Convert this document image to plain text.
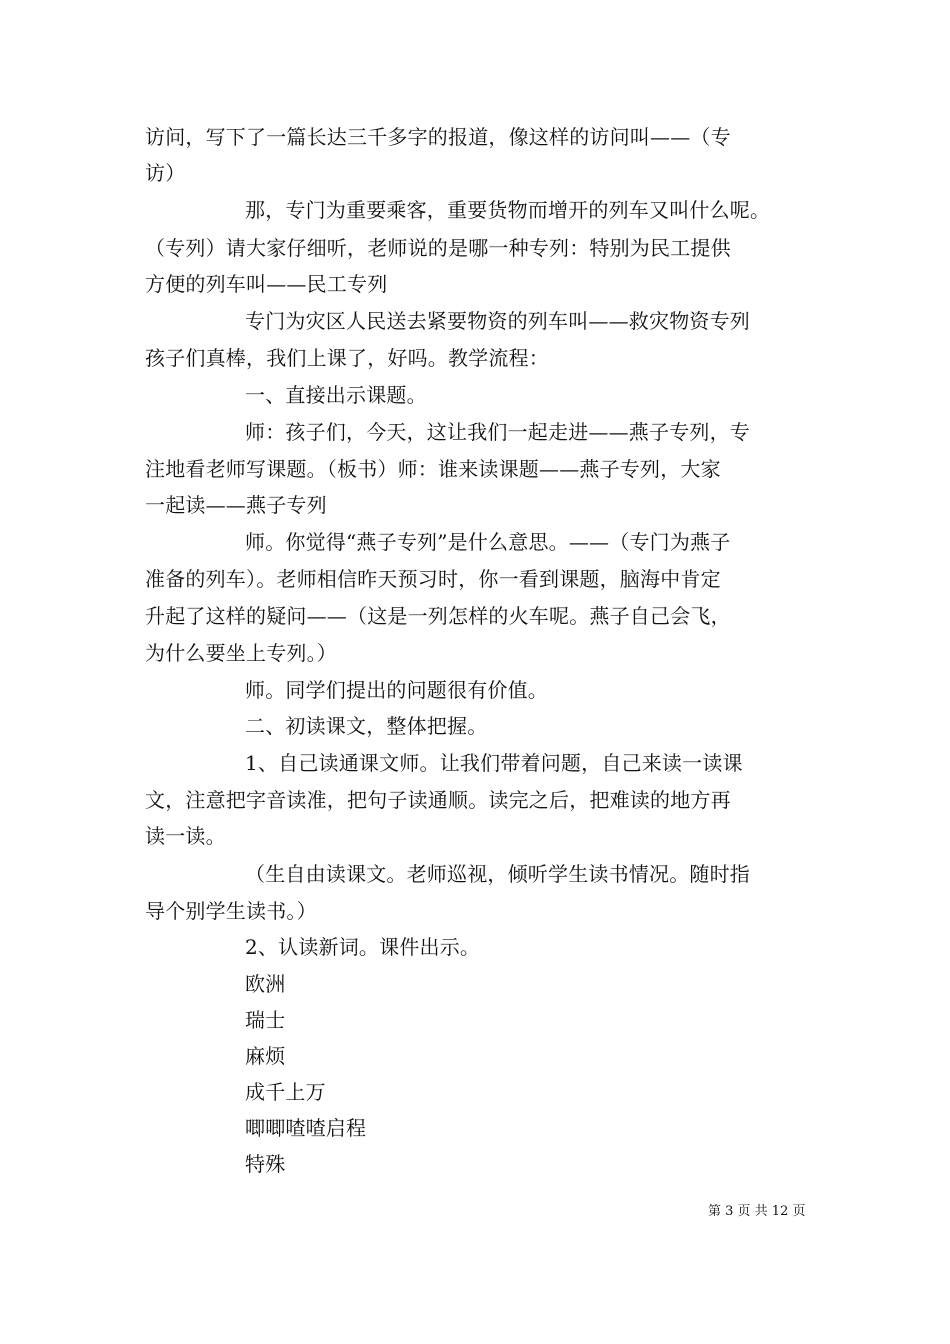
访问，写下了一篇长达三千多字的报道，像这样的访问叫——（专
访）
那，专门为重要乘客，重要货物而增开的列车又叫什么呢。
（专列）请大家仔细听，老师说的是哪一种专列：特别为民工提供
方便的列车叫——民工专列
专门为灾区人民送去紧要物资的列车叫——救灾物资专列
孩子们真棒，我们上课了，好吗。教学流程：
一、直接出示课题。
师：孩子们，今天，这让我们一起走进——燕子专列，专
注地看老师写课题。（板书）师：谁来读课题——燕子专列，大家
一起读——燕子专列
师。你觉得“燕子专列”是什么意思。——（专门为燕子
准备的列车）。老师相信昨天预习时，你一看到课题，脑海中肯定
升起了这样的疑问——（这是一列怎样的火车呢。燕子自己会飞，
为什么要坐上专列。）
师。同学们提出的问题很有价值。
二、初读课文，整体把握。
1、自己读通课文师。让我们带着问题，自己来读一读课
文，注意把字音读准，把句子读通顺。读完之后，把难读的地方再
读一读。
（生自由读课文。老师巡视，倾听学生读书情况。随时指
导个别学生读书。）
2、认读新词。课件出示。
欧洲
瑞士
麻烦
成千上万
唧唧喳喳启程
特殊
第 3 页 共 12 页
